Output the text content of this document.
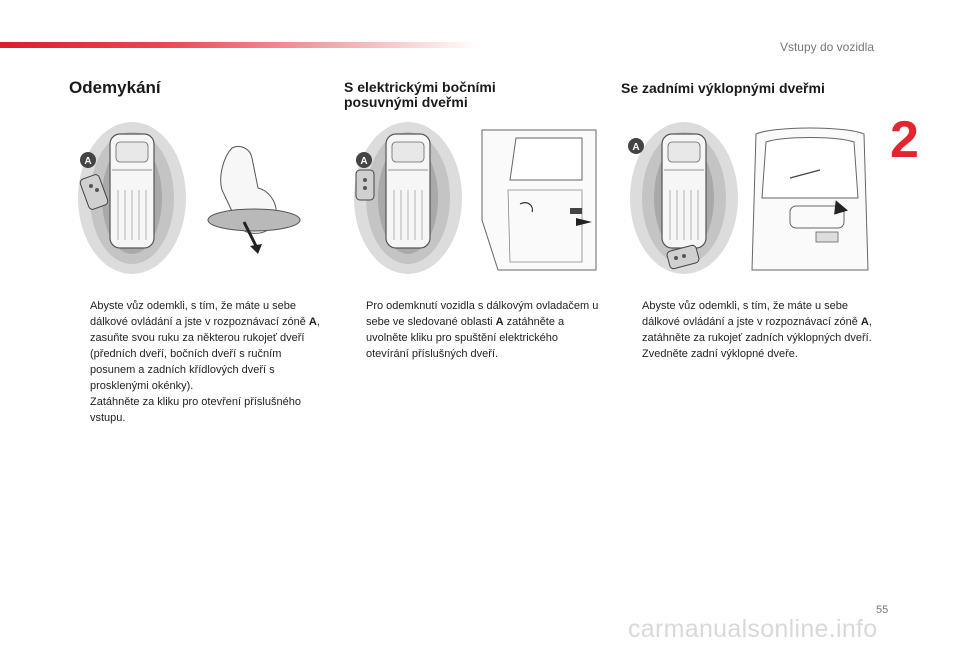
Vstupy do vozidla
2
Odemykání	S elektrickými bočními posuvnými dveřmi
Se zadními výklopnými dveřmi
A	A
A

Abyste vůz odemkli, s tím, že máte u sebe dálkové ovládání a jste v rozpoznávací zóně A, zasuňte svou ruku za některou rukojeť dveří (předních dveří, bočních dveří s ručním posunem a zadních křídlových dveří s prosklenými okénky).

Zatáhněte za kliku pro otevření příslušného vstupu.

Pro odemknutí vozidla s dálkovým ovladačem u sebe ve sledované oblasti A zatáhněte a uvolněte kliku pro spuštění elektrického otevírání příslušných dveří.

Abyste vůz odemkli, s tím, že máte u sebe dálkové ovládání a jste v rozpoznávací zóně A, zatáhněte za rukojeť zadních výklopných dveří.

Zvedněte zadní výklopné dveře.

55
carmanualsonline.info
